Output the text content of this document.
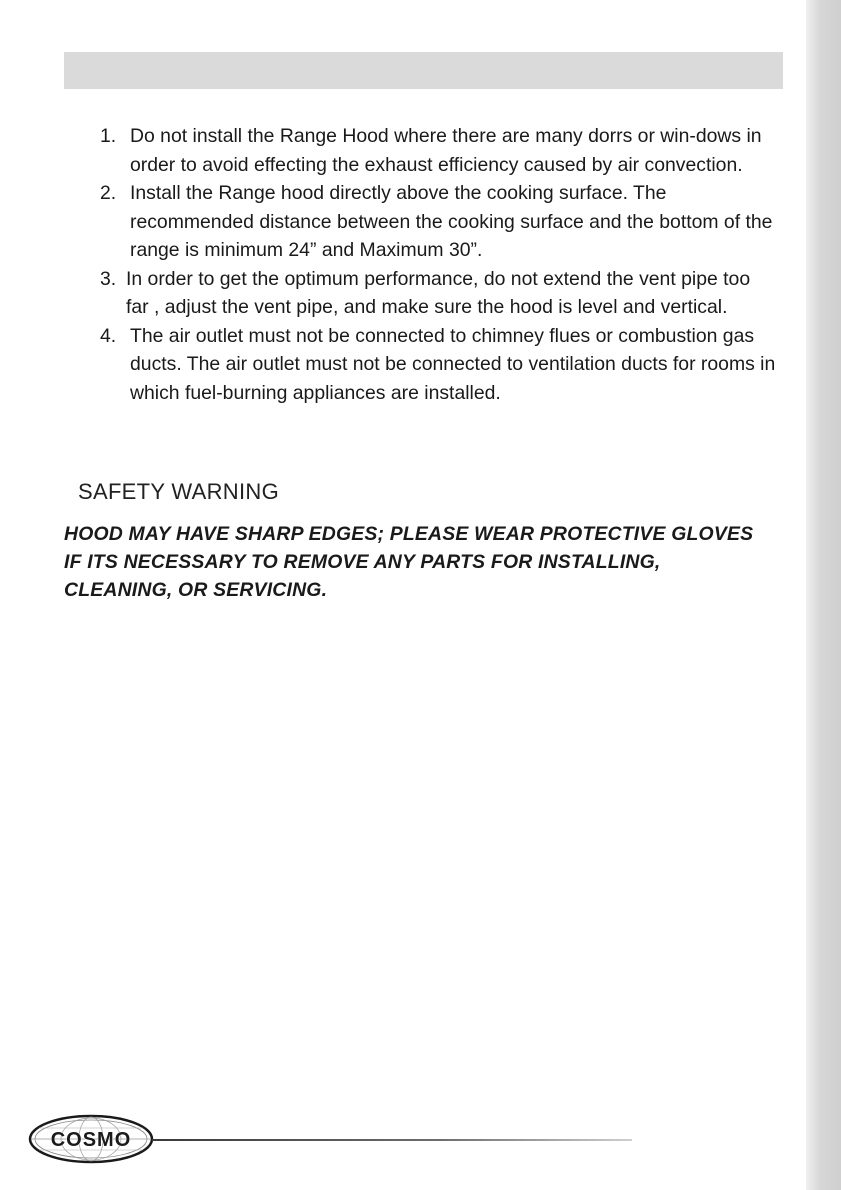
1. Do not install the Range Hood where there are many dorrs or win-dows in order to avoid effecting the exhaust efficiency caused by air convection.
2. Install the Range hood directly above the cooking surface. The recommended distance between the cooking surface and the bottom of the range is minimum 24” and Maximum 30”.
3. In order to get the optimum performance, do not extend the vent pipe too far , adjust the vent pipe, and make sure the hood is level and vertical.
4. The air outlet must not be connected to chimney flues or combustion gas ducts. The air outlet must not be connected to ventilation ducts for rooms in which fuel-burning appliances are installed.
SAFETY WARNING
HOOD MAY HAVE SHARP EDGES; PLEASE WEAR PROTECTIVE GLOVES IF ITS NECESSARY TO REMOVE ANY PARTS FOR INSTALLING, CLEANING, OR SERVICING.
COSMO
